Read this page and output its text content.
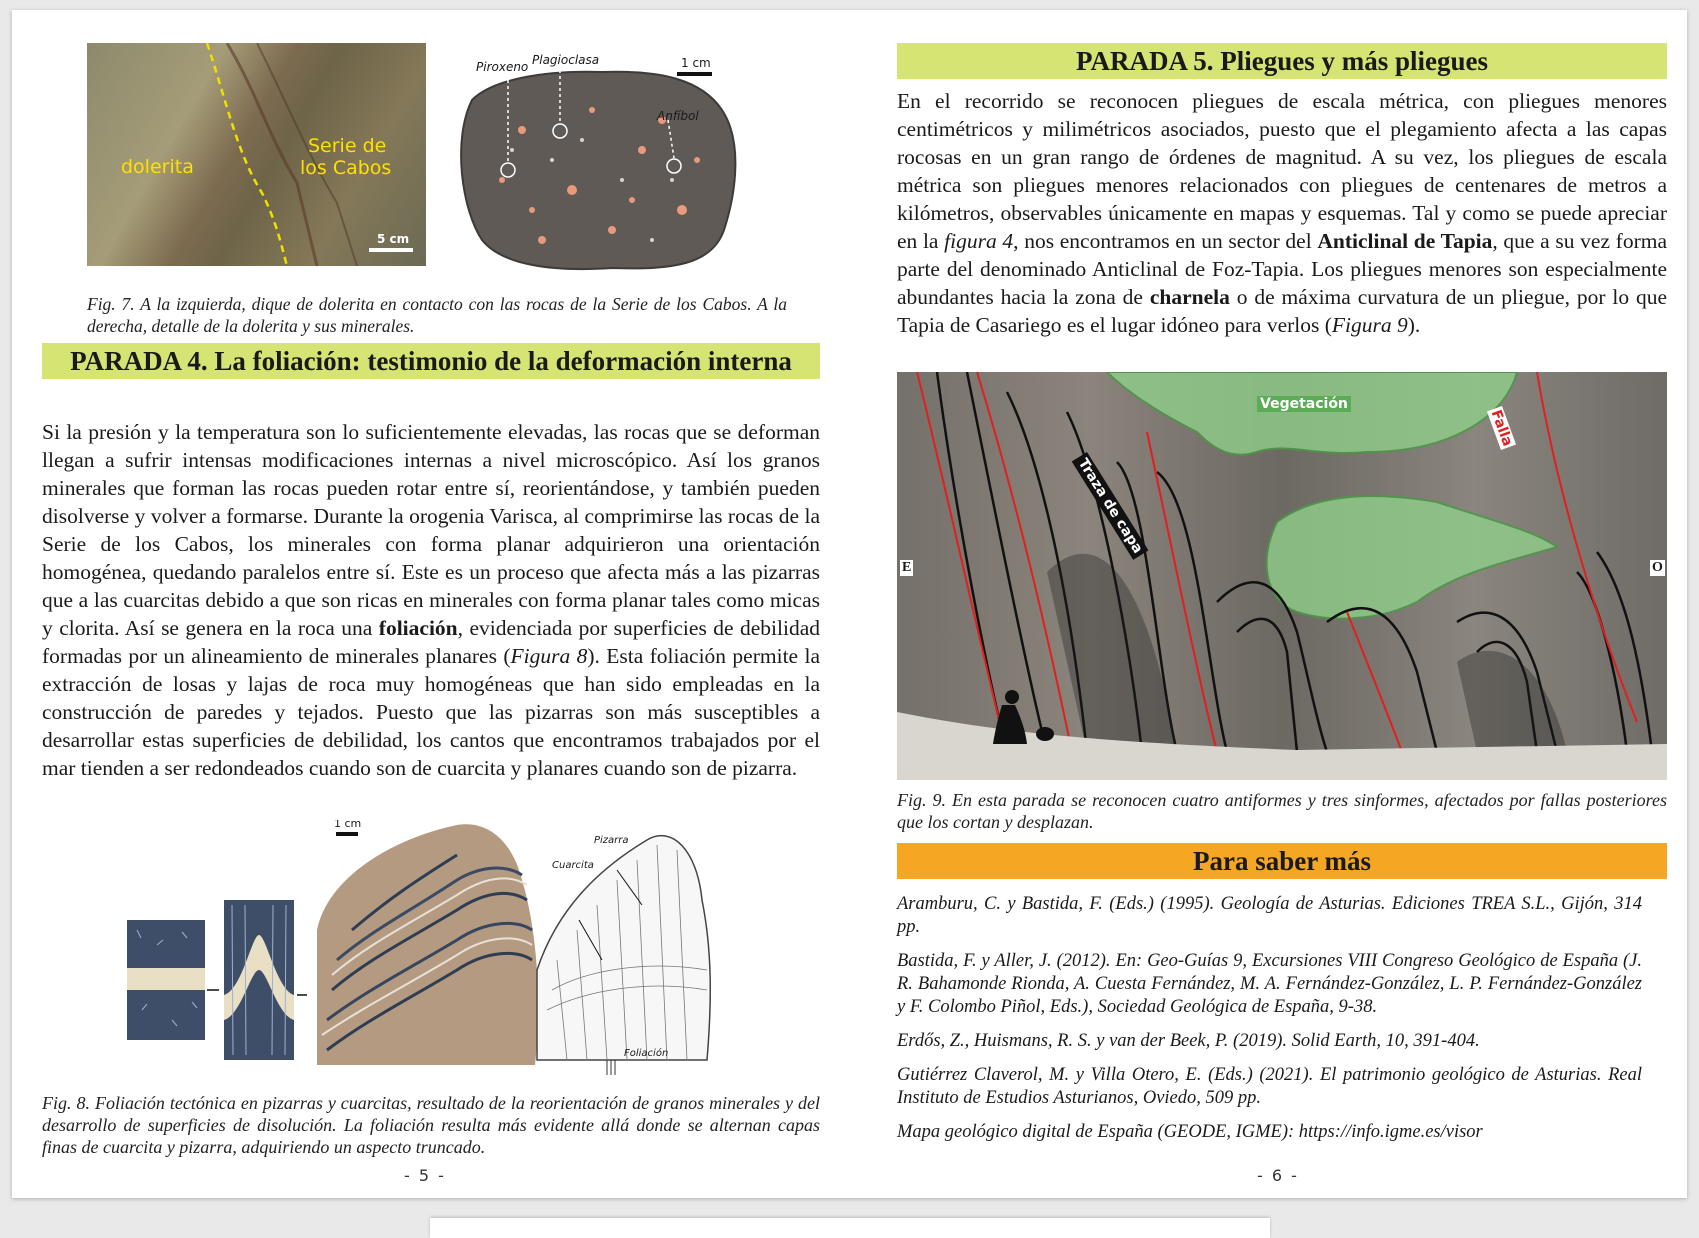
dolerita
Serie de
los Cabos
5 cm
Piroxeno Plagioclasa
Anfíbol
1 cm
Fig. 7. A la izquierda, dique de dolerita en contacto con las rocas de la Serie de los Cabos. A la derecha, detalle de la dolerita y sus minerales.
PARADA 4. La foliación: testimonio de la deformación interna
Si la presión y la temperatura son lo suficientemente elevadas, las rocas que se deforman llegan a sufrir intensas modificaciones internas a nivel microscópico. Así los granos minerales que forman las rocas pueden rotar entre sí, reorientándose, y también pueden disolverse y volver a formarse. Durante la orogenia Varisca, al comprimirse las rocas de la Serie de los Cabos, los minerales con forma planar adquirieron una orientación homogénea, quedando paralelos entre sí. Este es un proceso que afecta más a las pizarras que a las cuarcitas debido a que son ricas en minerales con forma planar tales como micas y clorita. Así se genera en la roca una foliación, evidenciada por superficies de debilidad formadas por un alineamiento de minerales planares (Figura 8). Esta foliación permite la extracción de losas y lajas de roca muy homogéneas que han sido empleadas en la construcción de paredes y tejados. Puesto que las pizarras son más susceptibles a desarrollar estas superficies de debilidad, los cantos que encontramos trabajados por el mar tienden a ser redondeados cuando son de cuarcita y planares cuando son de pizarra.
1 cm
Pizarra
Cuarcita
Foliación
Fig. 8. Foliación tectónica en pizarras y cuarcitas, resultado de la reorientación de granos minerales y del desarrollo de superficies de disolución. La foliación resulta más evidente allá donde se alternan capas finas de cuarcita y pizarra, adquiriendo un aspecto truncado.
- 5 -
PARADA 5. Pliegues y más pliegues
En el recorrido se reconocen pliegues de escala métrica, con pliegues menores centimétricos y milimétricos asociados, puesto que el plegamiento afecta a las capas rocosas en un gran rango de órdenes de magnitud. A su vez, los pliegues de escala métrica son pliegues menores relacionados con pliegues de centenares de metros a kilómetros, observables únicamente en mapas y esquemas. Tal y como se puede apreciar en la figura 4, nos encontramos en un sector del Anticlinal de Tapia, que a su vez forma parte del denominado Anticlinal de Foz-Tapia. Los pliegues menores son especialmente abundantes hacia la zona de charnela o de máxima curvatura de un pliegue, por lo que Tapia de Casariego es el lugar idóneo para verlos (Figura 9).
Traza de capa
Vegetación
Falla
E	O
Fig. 9. En esta parada se reconocen cuatro antiformes y tres sinformes, afectados por fallas posteriores que los cortan y desplazan.
Para saber más

Aramburu, C. y Bastida, F. (Eds.) (1995). Geología de Asturias. Ediciones TREA S.L., Gijón, 314 pp.

Bastida, F. y Aller, J. (2012). En: Geo-Guías 9, Excursiones VIII Congreso Geológico de España (J. R. Bahamonde Rionda, A. Cuesta Fernández, M. A. Fernández-González, L. P. Fernández-González y F. Colombo Piñol, Eds.), Sociedad Geológica de España, 9-38.

Erdős, Z., Huismans, R. S. y van der Beek, P. (2019). Solid Earth, 10, 391-404.

Gutiérrez Claverol, M. y Villa Otero, E. (Eds.) (2021). El patrimonio geológico de Asturias. Real Instituto de Estudios Asturianos, Oviedo, 509 pp.

Mapa geológico digital de España (GEODE, IGME): https://info.igme.es/visor

- 6 -
